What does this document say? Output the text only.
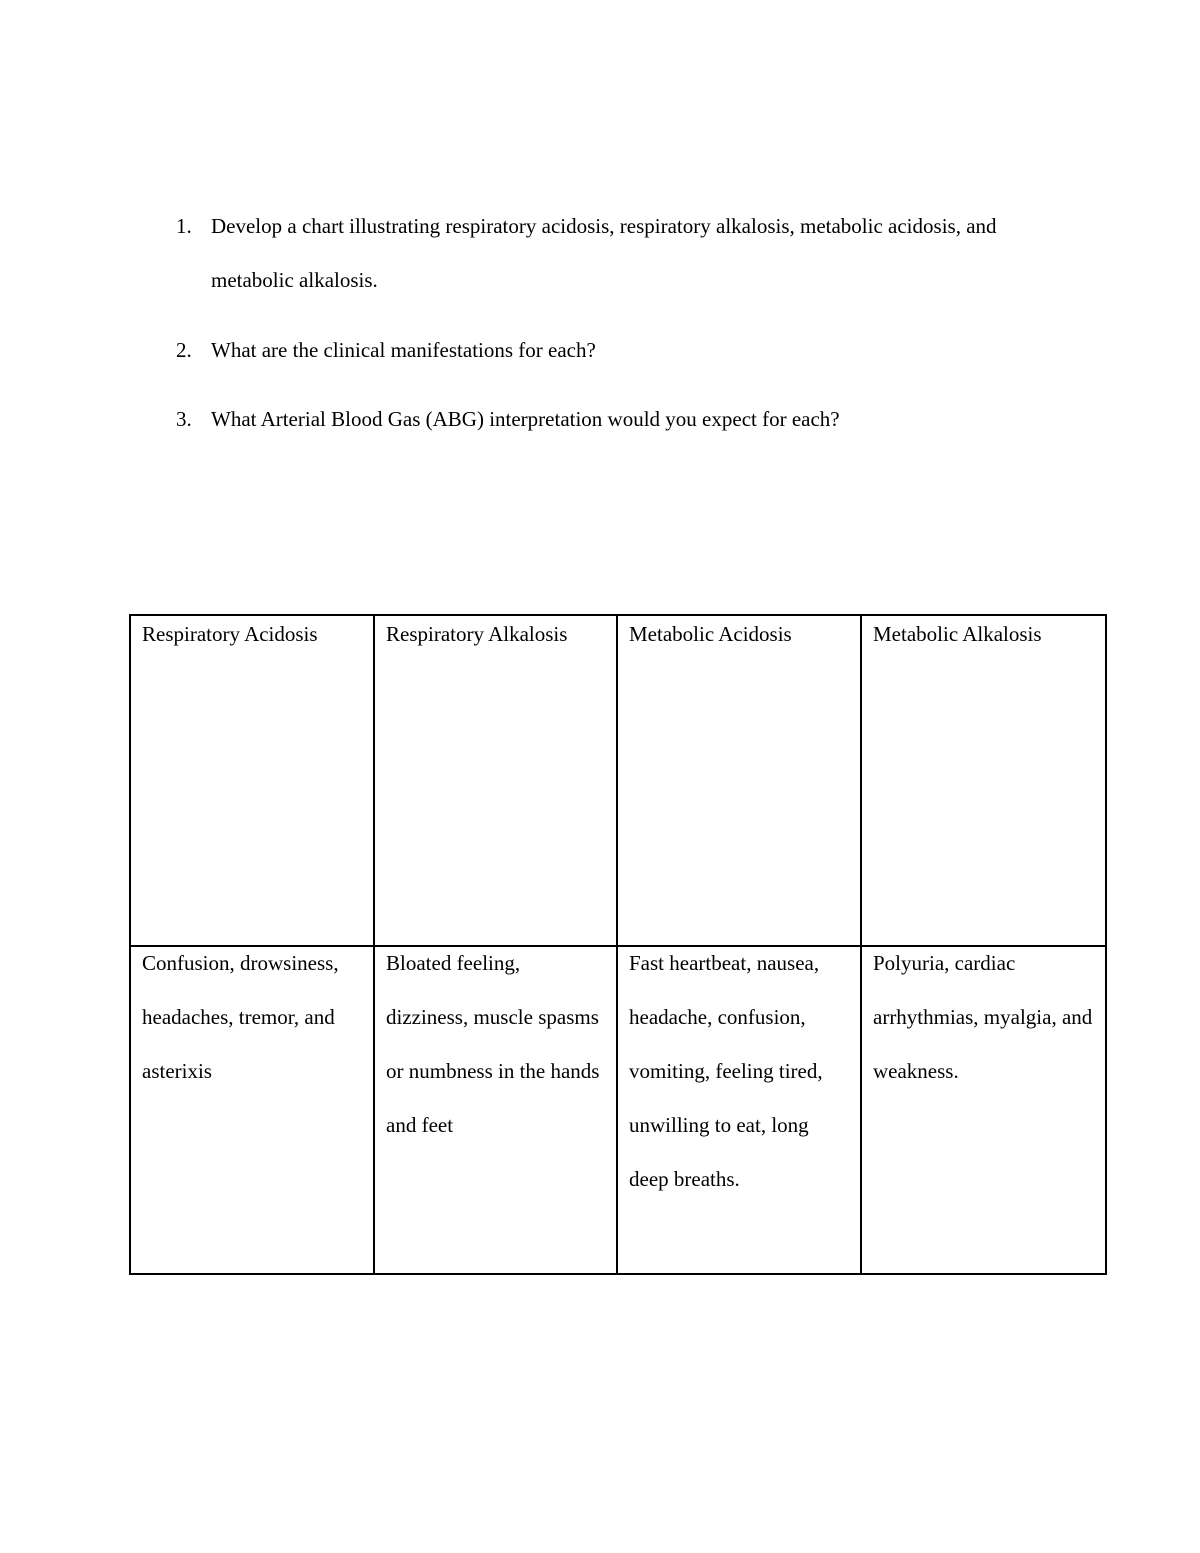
1. Develop a chart illustrating respiratory acidosis, respiratory alkalosis, metabolic acidosis, and metabolic alkalosis.
2. What are the clinical manifestations for each?
3. What Arterial Blood Gas (ABG) interpretation would you expect for each?
Respiratory Acidosis	Respiratory Alkalosis	Metabolic Acidosis	Metabolic Alkalosis

Confusion, drowsiness, headaches, tremor, and asterixis	Bloated feeling, dizziness, muscle spasms or numbness in the hands and feet	Fast heartbeat, nausea, headache, confusion, vomiting, feeling tired, unwilling to eat, long deep breaths.	Polyuria, cardiac arrhythmias, myalgia, and weakness.
